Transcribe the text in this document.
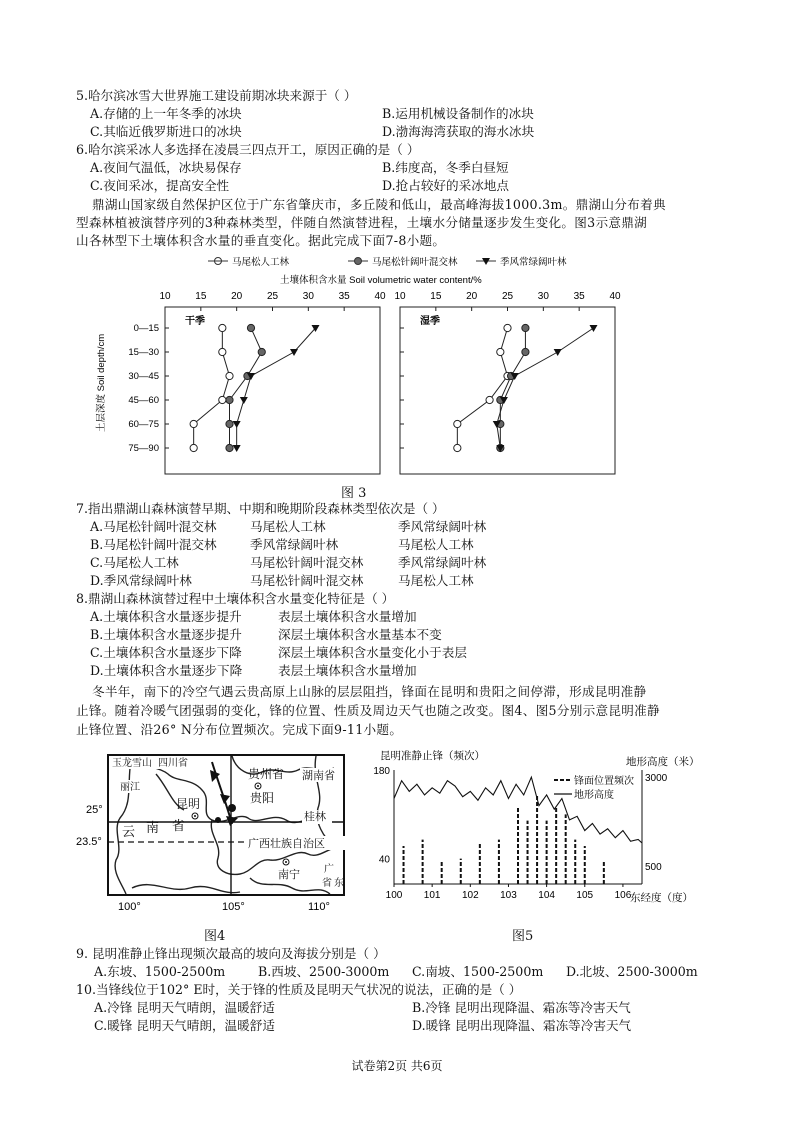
5.哈尔滨冰雪大世界施工建设前期冰块来源于（ ）
A.存储的上一年冬季的冰块	B.运用机械设备制作的冰块
C.其临近俄罗斯进口的冰块	D.渤海海湾获取的海水冰块
6.哈尔滨采冰人多选择在凌晨三四点开工，原因正确的是（ ）
A.夜间气温低，冰块易保存	B.纬度高，冬季白昼短
C.夜间采冰，提高安全性	D.抢占较好的采冰地点
鼎湖山国家级自然保护区位于广东省肇庆市，多丘陵和低山，最高峰海拔1000.3m。鼎湖山分布着典
型森林植被演替序列的3种森林类型，伴随自然演替进程，土壤水分储量逐步发生变化。图3示意鼎湖
山各林型下土壤体积含水量的垂直变化。据此完成下面7-8小题。
马尾松人工林	马尾松针阔叶混交林	季风常绿阔叶林
土壤体积含水量 Soil volumetric water content/%
土层深度 Soil depth/cm
10 15 20 25 30 35 40
干季
0—15
15—30
30—45
45—60
60—75
75—90
10 15 20 25 30 35 40
湿季
图 3
7.指出鼎湖山森林演替早期、中期和晚期阶段森林类型依次是（ ）
A.马尾松针阔叶混交林	马尾松人工林	季风常绿阔叶林
B.马尾松针阔叶混交林	季风常绿阔叶林	马尾松人工林
C.马尾松人工林	马尾松针阔叶混交林	季风常绿阔叶林
D.季风常绿阔叶林	马尾松针阔叶混交林	马尾松人工林
8.鼎湖山森林演替过程中土壤体积含水量变化特征是（ ）
A.土壤体积含水量逐步提升	表层土壤体积含水量增加
B.土壤体积含水量逐步提升	深层土壤体积含水量基本不变
C.土壤体积含水量逐步下降	深层土壤体积含水量变化小于表层
D.土壤体积含水量逐步下降	表层土壤体积含水量增加
冬半年，南下的冷空气遇云贵高原上山脉的层层阻挡，锋面在昆明和贵阳之间停滞，形成昆明准静
止锋。随着冷暖气团强弱的变化，锋的位置、性质及周边天气也随之改变。图4、图5分别示意昆明准静
止锋位置、沿26° N分布位置频次。完成下面9-11小题。
玉龙雪山 四川省
贵州省 湖南省
丽江
昆明	贵阳
云 南 省
桂林
广西壮族自治区
南宁 广
东
省
25°
23.5°
100°	105°	110°
图4
昆明准静止锋（频次）	地形高度（米）
100 101 102 103 104 105 106
180
40
3000
500
锋面位置频次
地形高度
东经度（度）
图5
9. 昆明准静止锋出现频次最高的坡向及海拔分别是（ ）
A.东坡、1500-2500m	B.西坡、2500-3000m C.南坡、1500-2500m D.北坡、2500-3000m
10.当锋线位于102° E时，关于锋的性质及昆明天气状况的说法，正确的是（ ）
A.冷锋 昆明天气晴朗，温暖舒适	B.冷锋 昆明出现降温、霜冻等冷害天气
C.暖锋 昆明天气晴朗，温暖舒适	D.暖锋 昆明出现降温、霜冻等冷害天气
试卷第2页 共6页
